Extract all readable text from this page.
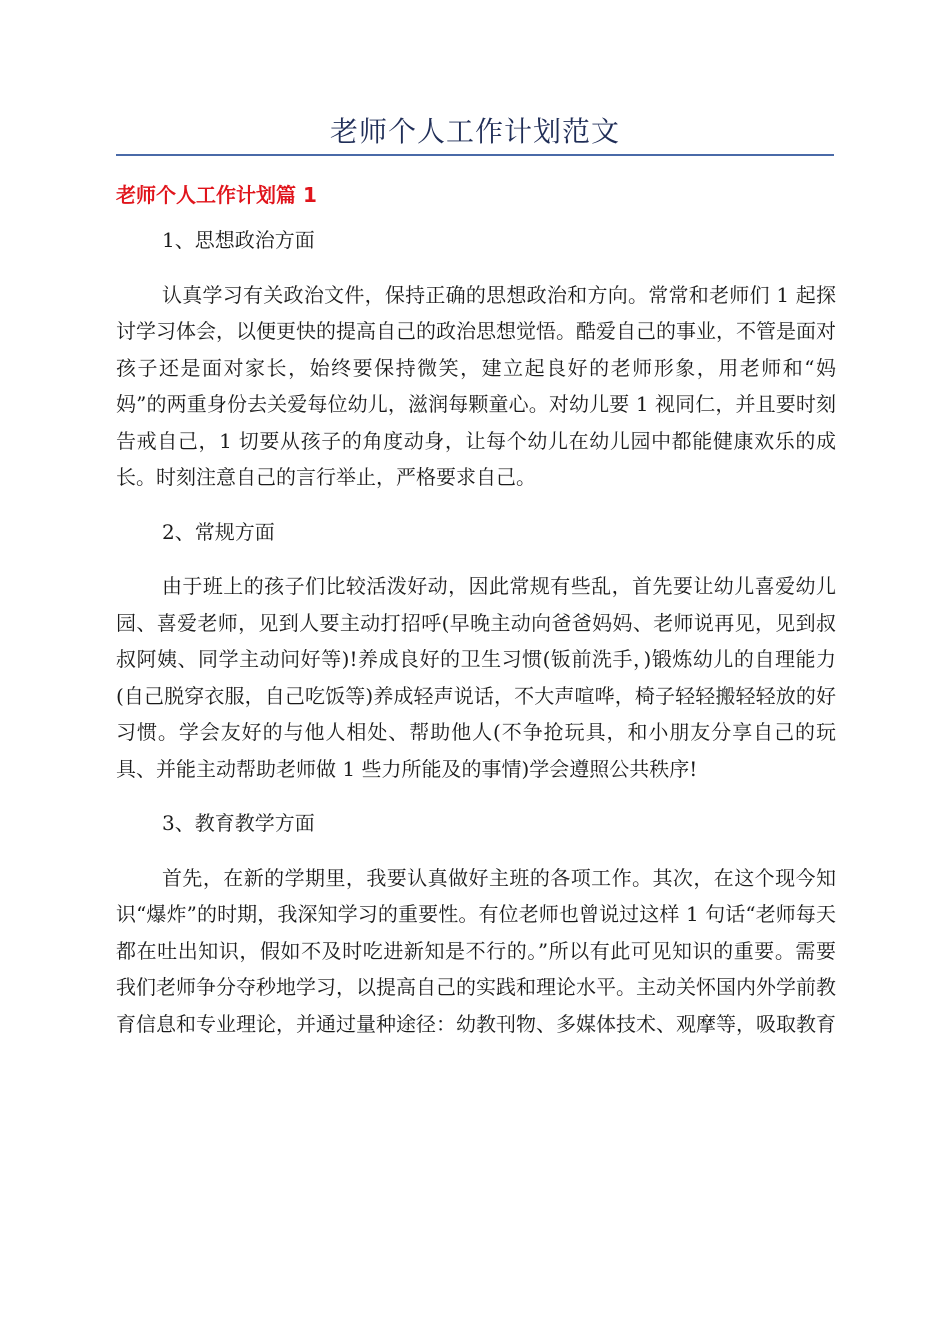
老师个人工作计划范文
老师个人工作计划篇 1

1、思想政治方面

认真学习有关政治文件，保持正确的思想政治和方向。常常和老师们 1 起探讨学习体会，以便更快的提高自己的政治思想觉悟。酷爱自己的事业，不管是面对孩子还是面对家长，始终要保持微笑，建立起良好的老师形象，用老师和“妈妈”的两重身份去关爱每位幼儿，滋润每颗童心。对幼儿要 1 视同仁，并且要时刻告戒自己，1 切要从孩子的角度动身，让每个幼儿在幼儿园中都能健康欢乐的成长。时刻注意自己的言行举止，严格要求自己。

2、常规方面

由于班上的孩子们比较活泼好动，因此常规有些乱，首先要让幼儿喜爱幼儿园、喜爱老师，见到人要主动打招呼(早晚主动向爸爸妈妈、老师说再见，见到叔叔阿姨、同学主动问好等)!养成良好的卫生习惯(钣前洗手，)锻炼幼儿的自理能力(自己脱穿衣服，自己吃饭等)养成轻声说话，不大声喧哗，椅子轻轻搬轻轻放的好习惯。学会友好的与他人相处、帮助他人(不争抢玩具，和小朋友分享自己的玩具、并能主动帮助老师做 1 些力所能及的事情)学会遵照公共秩序!

3、教育教学方面

首先，在新的学期里，我要认真做好主班的各项工作。其次，在这个现今知识“爆炸”的时期，我深知学习的重要性。有位老师也曾说过这样 1 句话“老师每天都在吐出知识，假如不及时吃进新知是不行的。”所以有此可见知识的重要。需要我们老师争分夺秒地学习，以提高自己的实践和理论水平。主动关怀国内外学前教育信息和专业理论，并通过量种途径：幼教刊物、多媒体技术、观摩等，吸取教育
